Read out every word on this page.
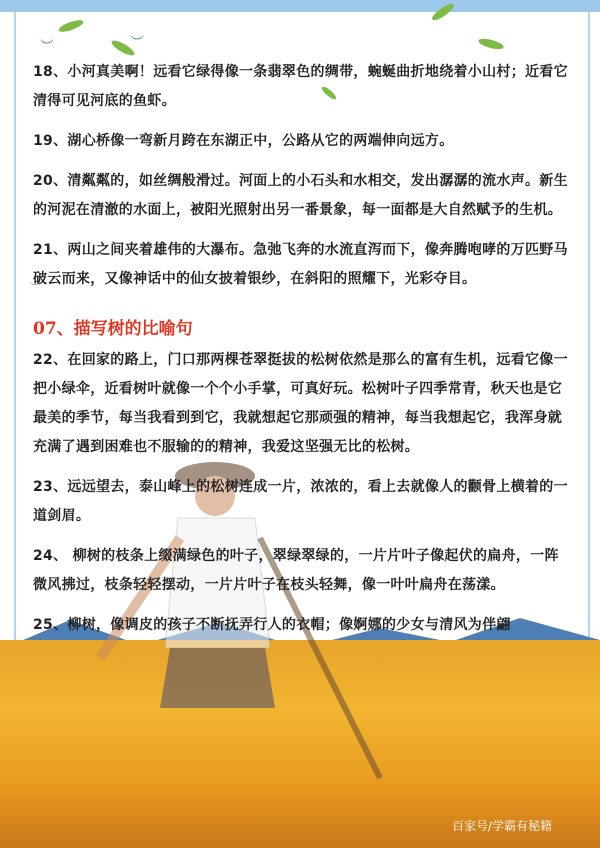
︶	︶
︶

18、小河真美啊！远看它绿得像一条翡翠色的绸带，蜿蜒曲折地绕着小山村；近看它清得可见河底的鱼虾。

19、湖心桥像一弯新月跨在东湖正中，公路从它的两端伸向远方。

20、清粼粼的，如丝绸般滑过。河面上的小石头和水相交，发出潺潺的流水声。新生的河泥在清澈的水面上，被阳光照射出另一番景象，每一面都是大自然赋予的生机。

21、两山之间夹着雄伟的大瀑布。急弛飞奔的水流直泻而下，像奔腾咆哮的万匹野马破云而来，又像神话中的仙女披着银纱，在斜阳的照耀下，光彩夺目。

07、描写树的比喻句

22、在回家的路上，门口那两棵苍翠挺拔的松树依然是那么的富有生机，远看它像一把小绿伞，近看树叶就像一个个小手掌，可真好玩。松树叶子四季常青，秋天也是它最美的季节，每当我看到到它，我就想起它那顽强的精神，每当我想起它，我浑身就充满了遇到困难也不服输的的精神，我爱这坚强无比的松树。

23、远远望去，泰山峰上的松树连成一片，浓浓的，看上去就像人的颧骨上横着的一道剑眉。

24、 柳树的枝条上缀满绿色的叶子，翠绿翠绿的，一片片叶子像起伏的扁舟，一阵微风拂过，枝条轻轻摆动，一片片叶子在枝头轻舞，像一叶叶扁舟在荡漾。

25、柳树，像调皮的孩子不断抚弄行人的衣帽；像婀娜的少女与清风为伴翩

百家号/学霸有秘籍
